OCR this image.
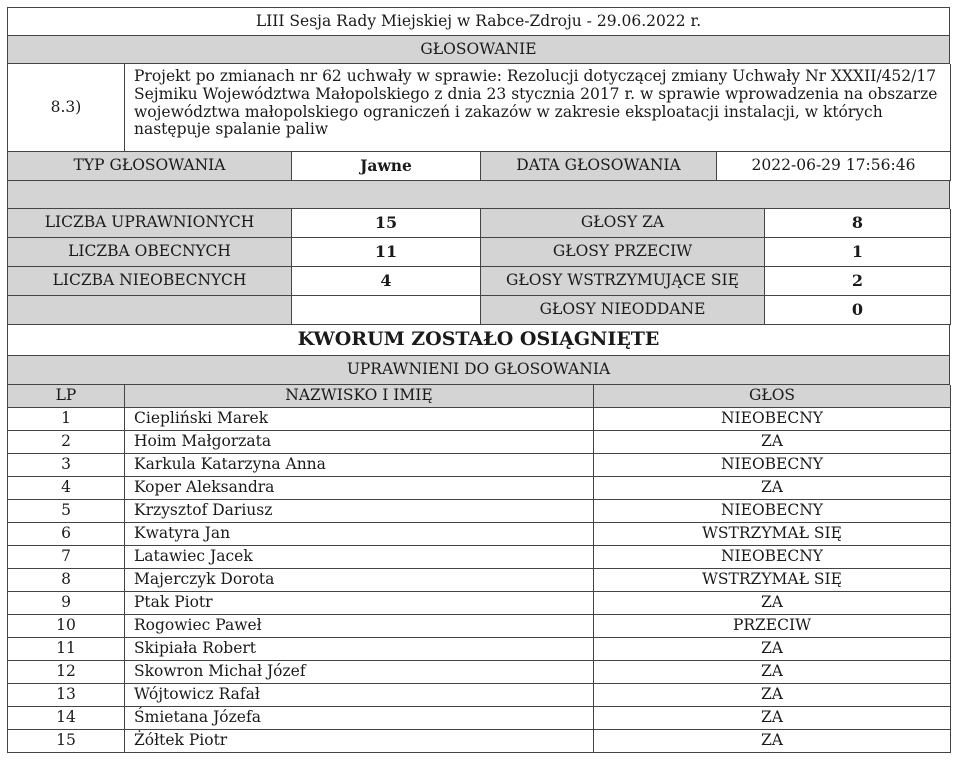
LIII Sesja Rady Miejskiej w Rabce-Zdroju - 29.06.2022 r.
GŁOSOWANIE
8.3)	Projekt po zmianach nr 62 uchwały w sprawie: Rezolucji dotyczącej zmiany Uchwały Nr XXXII/452/17 Sejmiku Województwa Małopolskiego z dnia 23 stycznia 2017 r. w sprawie wprowadzenia na obszarze województwa małopolskiego ograniczeń i zakazów w zakresie eksploatacji instalacji, w których następuje spalanie paliw
TYP GŁOSOWANIA	Jawne	DATA GŁOSOWANIA	2022-06-29 17:56:46
LICZBA UPRAWNIONYCH	15	GŁOSY ZA	8
LICZBA OBECNYCH	11	GŁOSY PRZECIW	1
LICZBA NIEOBECNYCH	4	GŁOSY WSTRZYMUJĄCE SIĘ	2
		GŁOSY NIEODDANE	0
KWORUM ZOSTAŁO OSIĄGNIĘTE
UPRAWNIENI DO GŁOSOWANIA
LP	NAZWISKO I IMIĘ	GŁOS
1	Ciepliński Marek	NIEOBECNY
2	Hoim Małgorzata	ZA
3	Karkula Katarzyna Anna	NIEOBECNY
4	Koper Aleksandra	ZA
5	Krzysztof Dariusz	NIEOBECNY
6	Kwatyra Jan	WSTRZYMAŁ SIĘ
7	Latawiec Jacek	NIEOBECNY
8	Majerczyk Dorota	WSTRZYMAŁ SIĘ
9	Ptak Piotr	ZA
10	Rogowiec Paweł	PRZECIW
11	Skipiała Robert	ZA
12	Skowron Michał Józef	ZA
13	Wójtowicz Rafał	ZA
14	Śmietana Józefa	ZA
15	Żółtek Piotr	ZA
